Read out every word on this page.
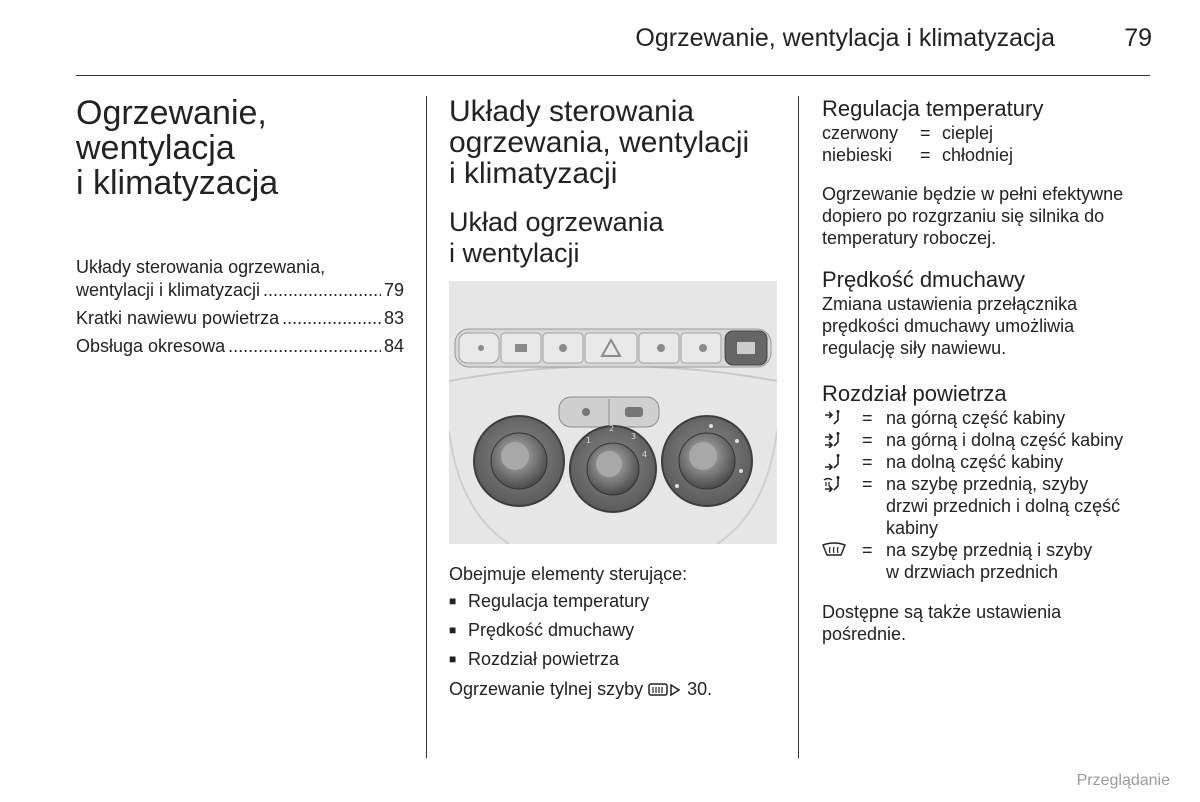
Ogrzewanie, wentylacja i klimatyzacja	79
Ogrzewanie,
wentylacja
i klimatyzacja
Układy sterowania ogrzewania,
wentylacji i klimatyzacji .....	79
Kratki nawiewu powietrza .....	83
Obsługa okresowa .....	84
Układy sterowania
ogrzewania, wentylacji
i klimatyzacji
Układ ogrzewania
i wentylacji
1
2
3
4
Obejmuje elementy sterujące:
■ Regulacja temperatury
■ Prędkość dmuchawy
■ Rozdział powietrza
Ogrzewanie tylnej szyby 30.
Regulacja temperatury
czerwony	= cieplej
niebieski	= chłodniej

Ogrzewanie będzie w pełni efektywne

dopiero po rozgrzaniu się silnika do

temperatury roboczej.

Prędkość dmuchawy

Zmiana ustawienia przełącznika

prędkości dmuchawy umożliwia

regulację siły nawiewu.

Rozdział powietrza
= na górną część kabiny
= na górną i dolną część kabiny
= na dolną część kabiny
= na szybę przednią, szyby
drzwi przednich i dolną część
kabiny
= na szybę przednią i szyby
w drzwiach przednich

Dostępne są także ustawienia

pośrednie.

Przeglądanie
